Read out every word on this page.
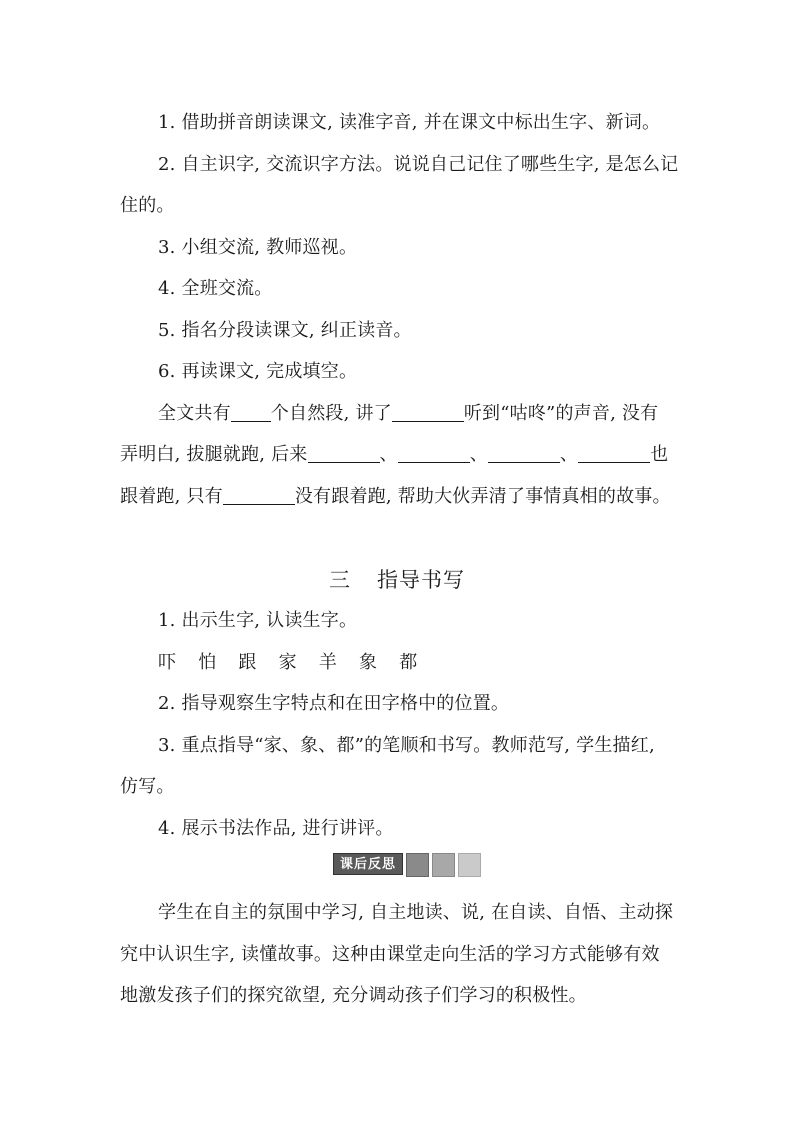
1. 借助拼音朗读课文, 读准字音, 并在课文中标出生字、新词。
2. 自主识字, 交流识字方法。说说自己记住了哪些生字, 是怎么记
住的。
3. 小组交流, 教师巡视。
4. 全班交流。
5. 指名分段读课文, 纠正读音。
6. 再读课文, 完成填空。
全文共有 个自然段, 讲了	听到“咕咚”的声音, 没有
弄明白, 拔腿就跑, 后来	、	、	、	也
跟着跑, 只有	没有跟着跑, 帮助大伙弄清了事情真相的故事。
三 指导书写
1. 出示生字, 认读生字。
吓 怕 跟 家 羊 象 都
2. 指导观察生字特点和在田字格中的位置。
3. 重点指导“家、象、都”的笔顺和书写。教师范写, 学生描红,
仿写。
4. 展示书法作品, 进行讲评。
课后反思
学生在自主的氛围中学习, 自主地读、说, 在自读、自悟、主动探
究中认识生字, 读懂故事。这种由课堂走向生活的学习方式能够有效
地激发孩子们的探究欲望, 充分调动孩子们学习的积极性。
